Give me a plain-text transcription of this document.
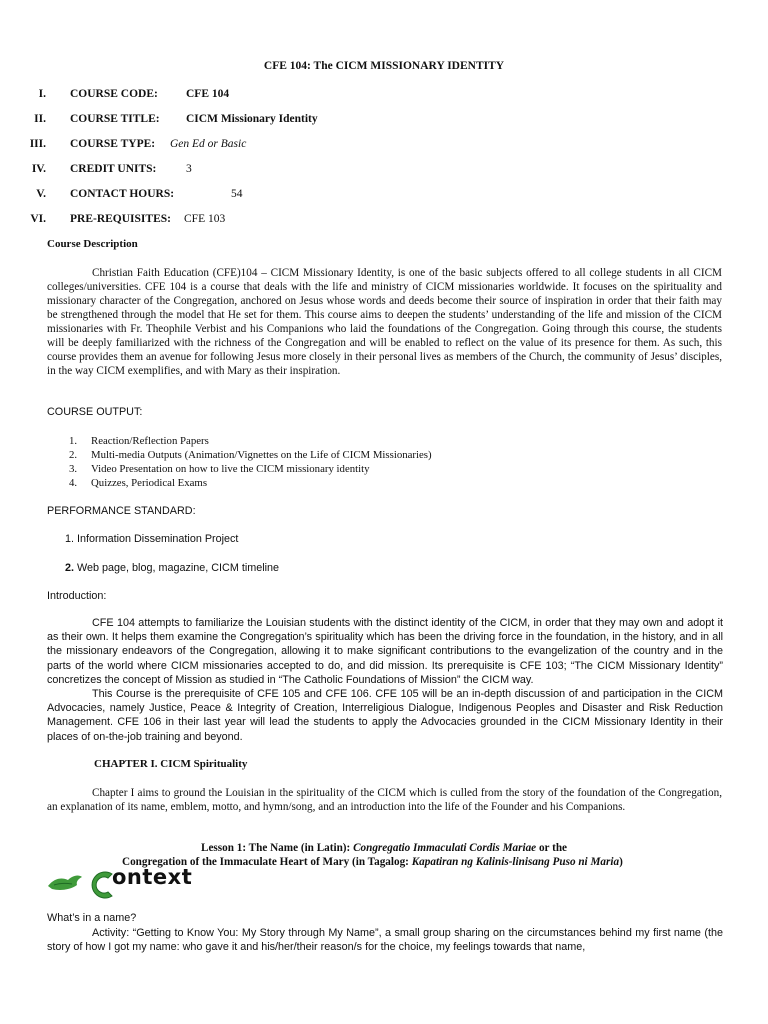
CFE 104: The CICM MISSIONARY IDENTITY
I. COURSE CODE: CFE 104
II. COURSE TITLE: CICM Missionary Identity
III. COURSE TYPE: Gen Ed or Basic
IV. CREDIT UNITS:	3
V. CONTACT HOURS:	54
VI. PRE-REQUISITES: CFE 103
Course Description

Christian Faith Education (CFE)104 – CICM Missionary Identity, is one of the basic subjects offered to all college students in all CICM colleges/universities. CFE 104 is a course that deals with the life and ministry of CICM missionaries worldwide. It focuses on the spirituality and missionary character of the Congregation, anchored on Jesus whose words and deeds become their source of inspiration in order that their faith may be strengthened through the model that He set for them. This course aims to deepen the students’ understanding of the life and mission of the CICM missionaries with Fr. Theophile Verbist and his Companions who laid the foundations of the Congregation. Going through this course, the students will be deeply familiarized with the richness of the Congregation and will be enabled to reflect on the value of its presence for them. As such, this course provides them an avenue for following Jesus more closely in their personal lives as members of the Church, the community of Jesus’ disciples, in the way CICM exemplifies, and with Mary as their inspiration.

COURSE OUTPUT:
1. Reaction/Reflection Papers
2. Multi-media Outputs (Animation/Vignettes on the Life of CICM Missionaries)
3. Video Presentation on how to live the CICM missionary identity
4. Quizzes, Periodical Exams
PERFORMANCE STANDARD:
1. Information Dissemination Project
2. Web page, blog, magazine, CICM timeline
Introduction:

CFE 104 attempts to familiarize the Louisian students with the distinct identity of the CICM, in order that they may own and adopt it as their own. It helps them examine the Congregation’s spirituality which has been the driving force in the foundation, in the history, and in all the missionary endeavors of the Congregation, allowing it to make significant contributions to the evangelization of the country and in the parts of the world where CICM missionaries accepted to do, and did mission. Its prerequisite is CFE 103; “The CICM Missionary Identity” concretizes the concept of Mission as studied in “The Catholic Foundations of Mission” the CICM way.

This Course is the prerequisite of CFE 105 and CFE 106. CFE 105 will be an in-depth discussion of and participation in the CICM Advocacies, namely Justice, Peace & Integrity of Creation, Interreligious Dialogue, Indigenous Peoples and Disaster and Risk Reduction Management. CFE 106 in their last year will lead the students to apply the Advocacies grounded in the CICM Missionary Identity in their places of on-the-job training and beyond.

CHAPTER I. CICM Spirituality

Chapter I aims to ground the Louisian in the spirituality of the CICM which is culled from the story of the foundation of the Congregation, an explanation of its name, emblem, motto, and hymn/song, and an introduction into the life of the Founder and his Companions.

Lesson 1: The Name (in Latin): Congregatio Immaculati Cordis Mariae or the
Congregation of the Immaculate Heart of Mary (in Tagalog: Kapatiran ng Kalinis-linisang Puso ni Maria)
ontext
What’s in a name?

Activity: “Getting to Know You: My Story through My Name”, a small group sharing on the circumstances behind my first name (the story of how I got my name: who gave it and his/her/their reason/s for the choice, my feelings towards that name,
